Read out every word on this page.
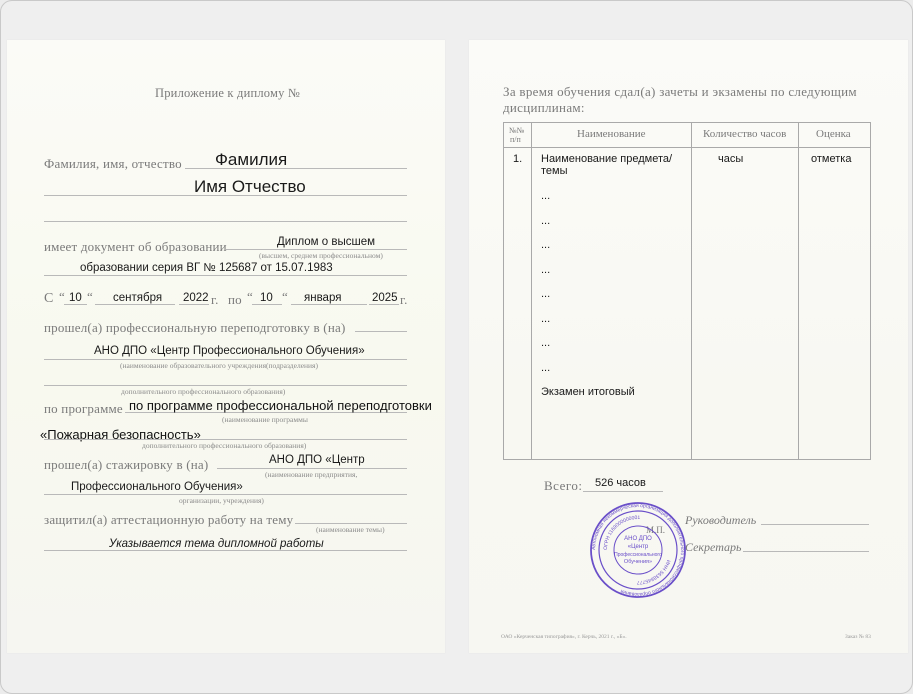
Приложение к диплому №
Фамилия, имя, отчество Фамилия
Имя Отчество
имеет документ об образовании	Диплом о высшем
(высшем, среднем профессиональном)
образовании серия ВГ № 125687 от 15.07.1983
С “ 10 “ сентября 2022 г. по “ 10 “ января	2025 г.
прошел(а) профессиональную переподготовку в (на)
АНО ДПО «Центр Профессионального Обучения»
(наименование образовательного учреждения(подразделения)
дополнительного профессионального образования)
по программе по программе профессиональной переподготовки
(наименование программы
«Пожарная безопасность»
дополнительного профессионального образования)
прошел(а) стажировку в (на)	АНО ДПО «Центр
(наименование предприятия,
Профессионального Обучения»
организации, учреждения)
защитил(а) аттестационную работу на тему
(наименование темы)
Указывается тема дипломной работы
За время обучения сдал(а) зачеты и экзамены по следующим
дисциплинам:
№№
п/п	Наименование	Количество часов	Оценка
1. Наименование предмета/
темы
часы	отметка
...
...
...
...
...
...
...
...
Экзамен итоговый
Всего: 526 часов
Руководитель
Секретарь
М.П.
ОАО «Керченская типография», г. Керчь, 2021 г., «Б».	Заказ № 83
Автономная некоммерческая организация дополнительного профессионального образования
ОГРН 1169000000001
ИНН 5638845777
АНО ДПО
«Центр
Профессионального
Обучения»
